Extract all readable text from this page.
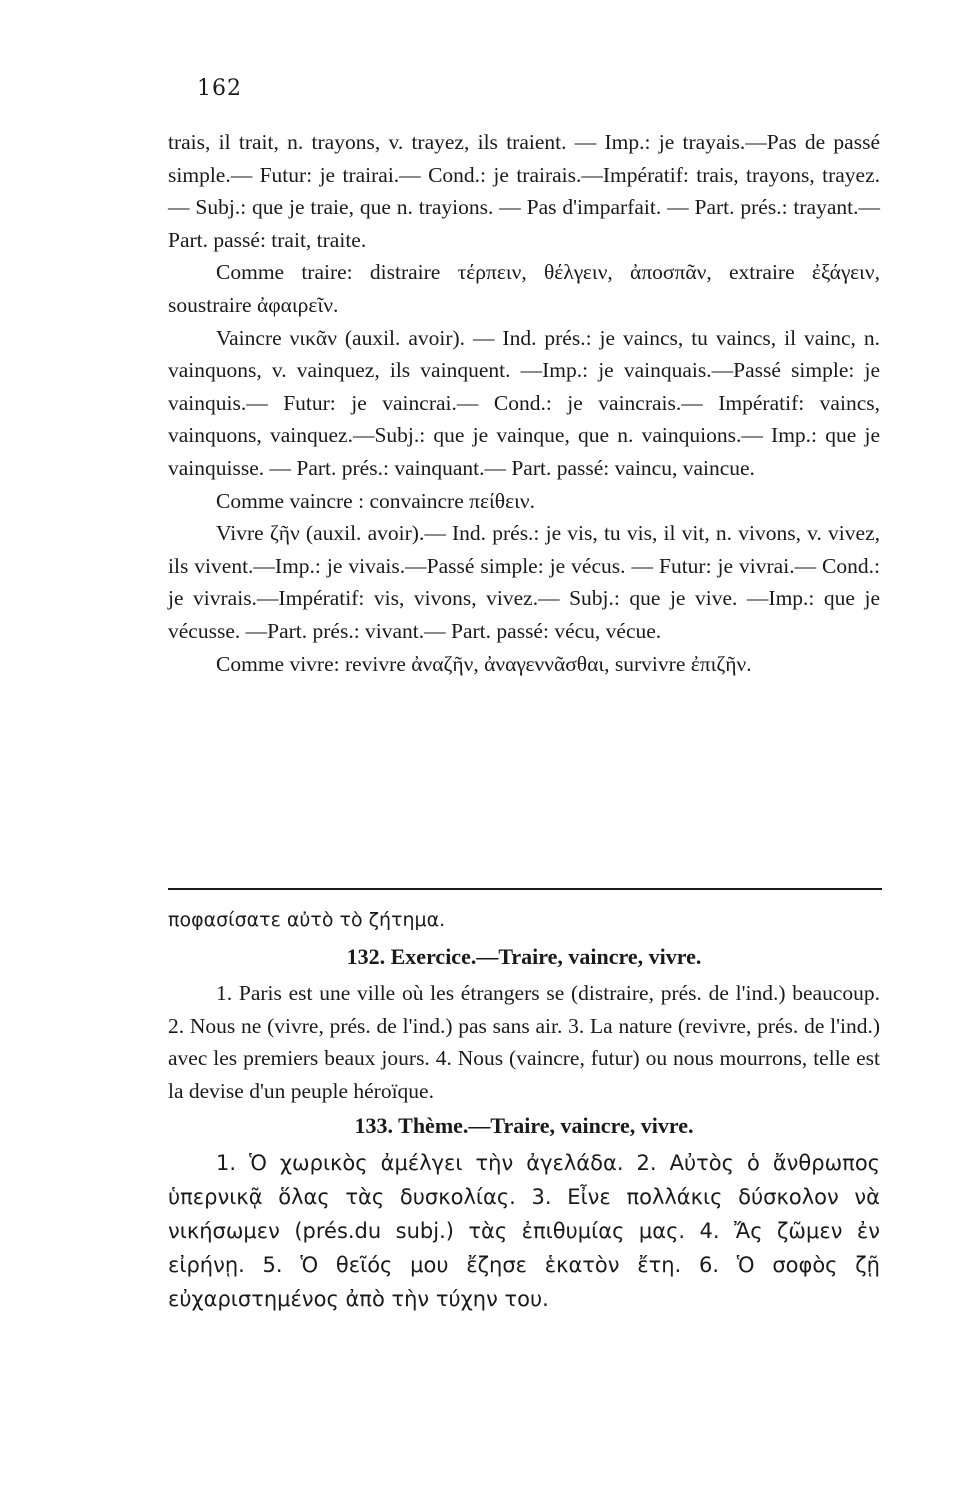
162

trais, il trait, n. trayons, v. trayez, ils traient. — Imp.: je trayais.—Pas de passé simple.— Futur: je trairai.— Cond.: je trairais.—Impératif: trais, trayons, trayez.— Subj.: que je traie, que n. trayions. — Pas d'imparfait. — Part. prés.: trayant.—Part. passé: trait, traite.

Comme traire: distraire τέρπειν, θέλγειν, ἀποσπᾶν, extraire ἐξάγειν, soustraire ἀφαιρεῖν.

Vaincre νικᾶν (auxil. avoir). — Ind. prés.: je vaincs, tu vaincs, il vainc, n. vainquons, v. vainquez, ils vainquent. —Imp.: je vainquais.—Passé simple: je vainquis.— Futur: je vaincrai.— Cond.: je vaincrais.— Impératif: vaincs, vainquons, vainquez.—Subj.: que je vainque, que n. vainquions.— Imp.: que je vainquisse. — Part. prés.: vainquant.— Part. passé: vaincu, vaincue.

Comme vaincre : convaincre πείθειν.

Vivre ζῆν (auxil. avoir).— Ind. prés.: je vis, tu vis, il vit, n. vivons, v. vivez, ils vivent.—Imp.: je vivais.—Passé simple: je vécus. — Futur: je vivrai.— Cond.: je vivrais.—Impératif: vis, vivons, vivez.— Subj.: que je vive. —Imp.: que je vécusse. —Part. prés.: vivant.— Part. passé: vécu, vécue.

Comme vivre: revivre ἀναζῆν, ἀναγεννᾶσθαι, survivre ἐπιζῆν.

ποφασίσατε αὐτὸ τὸ ζήτημα.
132. Exercice.—Traire, vaincre, vivre.

1. Paris est une ville où les étrangers se (distraire, prés. de l'ind.) beaucoup. 2. Nous ne (vivre, prés. de l'ind.) pas sans air. 3. La nature (revivre, prés. de l'ind.) avec les premiers beaux jours. 4. Nous (vaincre, futur) ou nous mourrons, telle est la devise d'un peuple héroïque.

133. Thème.—Traire, vaincre, vivre.

1. Ὁ χωρικὸς ἀμέλγει τὴν ἀγελάδα. 2. Αὐτὸς ὁ ἄνθρωπος ὑπερνικᾷ ὅλας τὰς δυσκολίας. 3. Εἶνε πολλάκις δύσκολον νὰ νικήσωμεν (prés.du subj.) τὰς ἐπιθυμίας μας. 4. Ἄς ζῶμεν ἐν εἰρήνῃ. 5. Ὁ θεῖός μου ἔζησε ἑκατὸν ἔτη. 6. Ὁ σοφὸς ζῇ εὐχαριστημένος ἀπὸ τὴν τύχην του.
